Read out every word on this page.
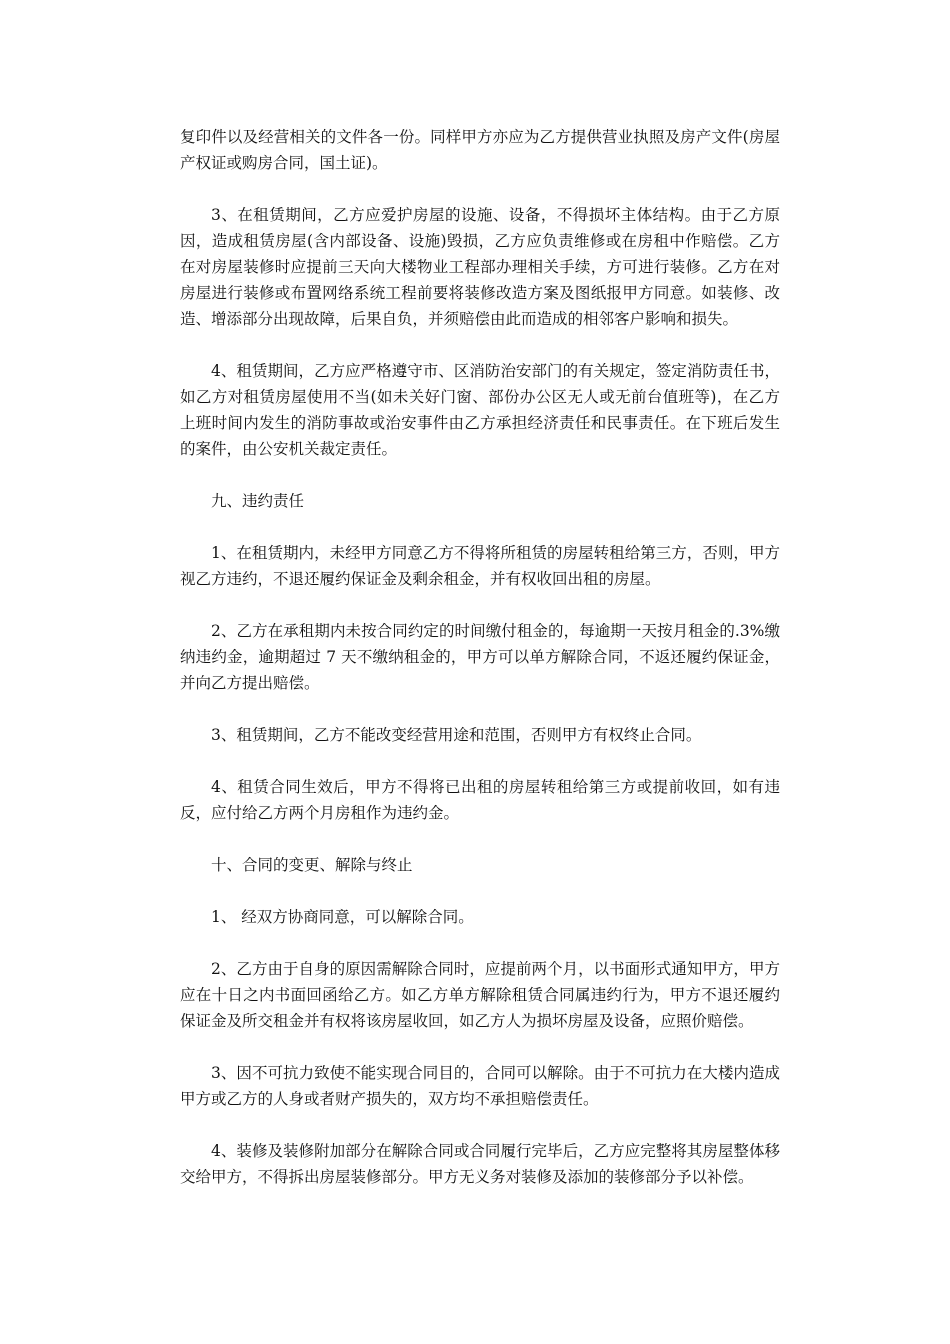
复印件以及经营相关的文件各一份。同样甲方亦应为乙方提供营业执照及房产文件(房屋产权证或购房合同，国土证)。

3、在租赁期间，乙方应爱护房屋的设施、设备，不得损坏主体结构。由于乙方原因，造成租赁房屋(含内部设备、设施)毁损，乙方应负责维修或在房租中作赔偿。乙方在对房屋装修时应提前三天向大楼物业工程部办理相关手续，方可进行装修。乙方在对房屋进行装修或布置网络系统工程前要将装修改造方案及图纸报甲方同意。如装修、改造、增添部分出现故障，后果自负，并须赔偿由此而造成的相邻客户影响和损失。

4、租赁期间，乙方应严格遵守市、区消防治安部门的有关规定，签定消防责任书，如乙方对租赁房屋使用不当(如未关好门窗、部份办公区无人或无前台值班等)，在乙方上班时间内发生的消防事故或治安事件由乙方承担经济责任和民事责任。在下班后发生的案件，由公安机关裁定责任。

九、违约责任

1、在租赁期内，未经甲方同意乙方不得将所租赁的房屋转租给第三方，否则，甲方视乙方违约，不退还履约保证金及剩余租金，并有权收回出租的房屋。

2、乙方在承租期内未按合同约定的时间缴付租金的，每逾期一天按月租金的.3%缴纳违约金，逾期超过 7 天不缴纳租金的，甲方可以单方解除合同，不返还履约保证金，并向乙方提出赔偿。

3、租赁期间，乙方不能改变经营用途和范围，否则甲方有权终止合同。

4、租赁合同生效后，甲方不得将已出租的房屋转租给第三方或提前收回，如有违反，应付给乙方两个月房租作为违约金。

十、合同的变更、解除与终止

1、 经双方协商同意，可以解除合同。

2、乙方由于自身的原因需解除合同时，应提前两个月，以书面形式通知甲方，甲方应在十日之内书面回函给乙方。如乙方单方解除租赁合同属违约行为，甲方不退还履约保证金及所交租金并有权将该房屋收回，如乙方人为损坏房屋及设备，应照价赔偿。

3、因不可抗力致使不能实现合同目的，合同可以解除。由于不可抗力在大楼内造成甲方或乙方的人身或者财产损失的，双方均不承担赔偿责任。

4、装修及装修附加部分在解除合同或合同履行完毕后，乙方应完整将其房屋整体移交给甲方，不得拆出房屋装修部分。甲方无义务对装修及添加的装修部分予以补偿。
